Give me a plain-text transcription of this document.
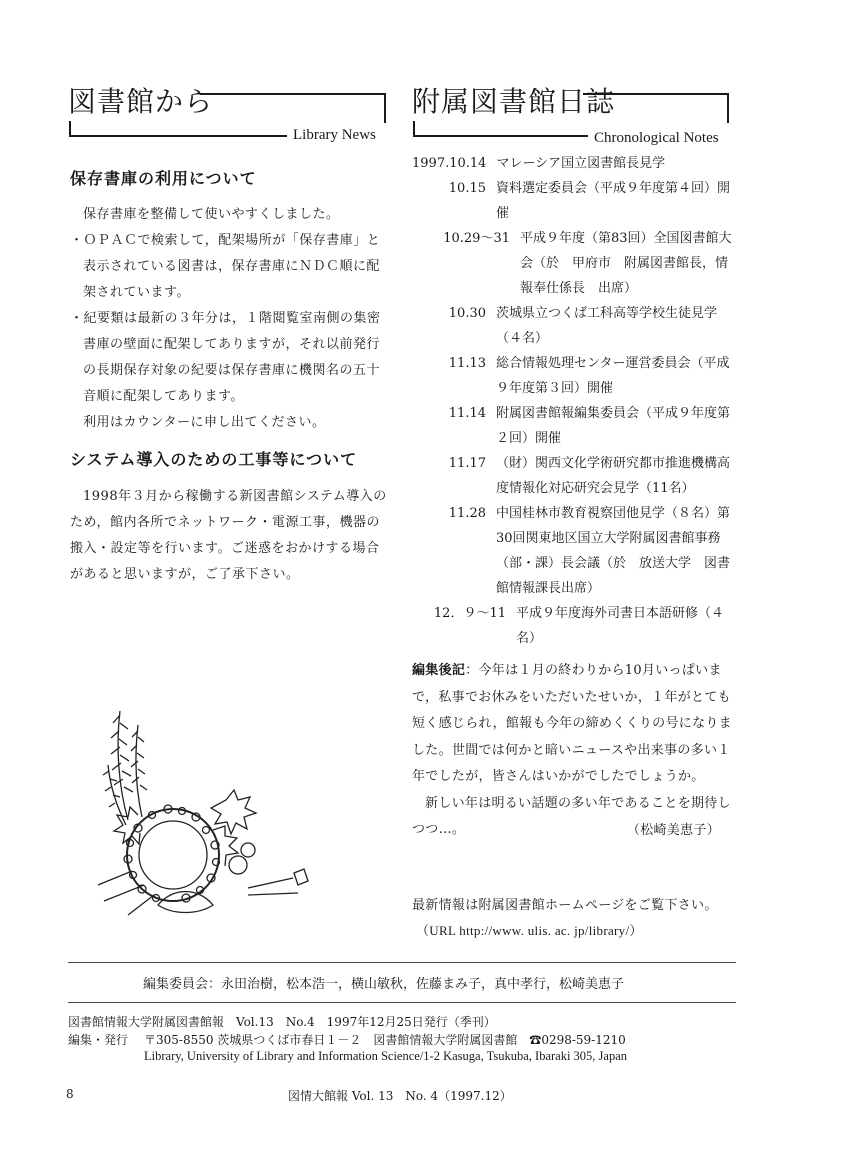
図書館から
Library News
保存書庫の利用について

保存書庫を整備して使いやすくしました。

・ＯＰＡＣで検索して，配架場所が「保存書庫」と表示されている図書は，保存書庫にＮＤＣ順に配架されています。

・紀要類は最新の３年分は，１階閲覧室南側の集密書庫の壁面に配架してありますが，それ以前発行の長期保存対象の紀要は保存書庫に機関名の五十音順に配架してあります。

利用はカウンターに申し出てください。

システム導入のための工事等について

1998年３月から稼働する新図書館システム導入のため，館内各所でネットワーク・電源工事，機器の搬入・設定等を行います。ご迷惑をおかけする場合があると思いますが，ご了承下さい。

附属図書館日誌
Chronological Notes
1997.10.14 マレーシア国立図書館長見学
10.15 資料選定委員会（平成９年度第４回）開催
10.29～31 平成９年度（第83回）全国図書館大会（於　甲府市　附属図書館長，情報奉仕係長　出席）
10.30 茨城県立つくば工科高等学校生徒見学（４名）
11.13 総合情報処理センター運営委員会（平成９年度第３回）開催
11.14 附属図書館報編集委員会（平成９年度第２回）開催
11.17 （財）関西文化学術研究都市推進機構高度情報化対応研究会見学（11名）
11.28 中国桂林市教育視察団他見学（８名）第30回関東地区国立大学附属図書館事務（部・課）長会議（於　放送大学　図書館情報課長出席）
12．９～11 平成９年度海外司書日本語研修（４名）

編集後記：今年は１月の終わりから10月いっぱいまで，私事でお休みをいただいたせいか，１年がとても短く感じられ，館報も今年の締めくくりの号になりました。世間では何かと暗いニュースや出来事の多い１年でしたが，皆さんはいかがでしたでしょうか。

新しい年は明るい話題の多い年であることを期待しつつ…。	（松崎美恵子）

最新情報は附属図書館ホームページをご覧下さい。

（URL http://www. ulis. ac. jp/library/）

編集委員会：永田治樹，松本浩一，横山敏秋，佐藤まみ子，真中孝行，松崎美恵子
図書館情報大学附属図書館報　Vol.13　No.4　1997年12月25日発行（季刊）
編集・発行 〒305-8550 茨城県つくば市春日１－２　図書館情報大学附属図書館　☎0298-59-1210
Library, University of Library and Information Science/1-2 Kasuga, Tsukuba, Ibaraki 305, Japan
8	図情大館報 Vol. 13　No. 4（1997.12）
